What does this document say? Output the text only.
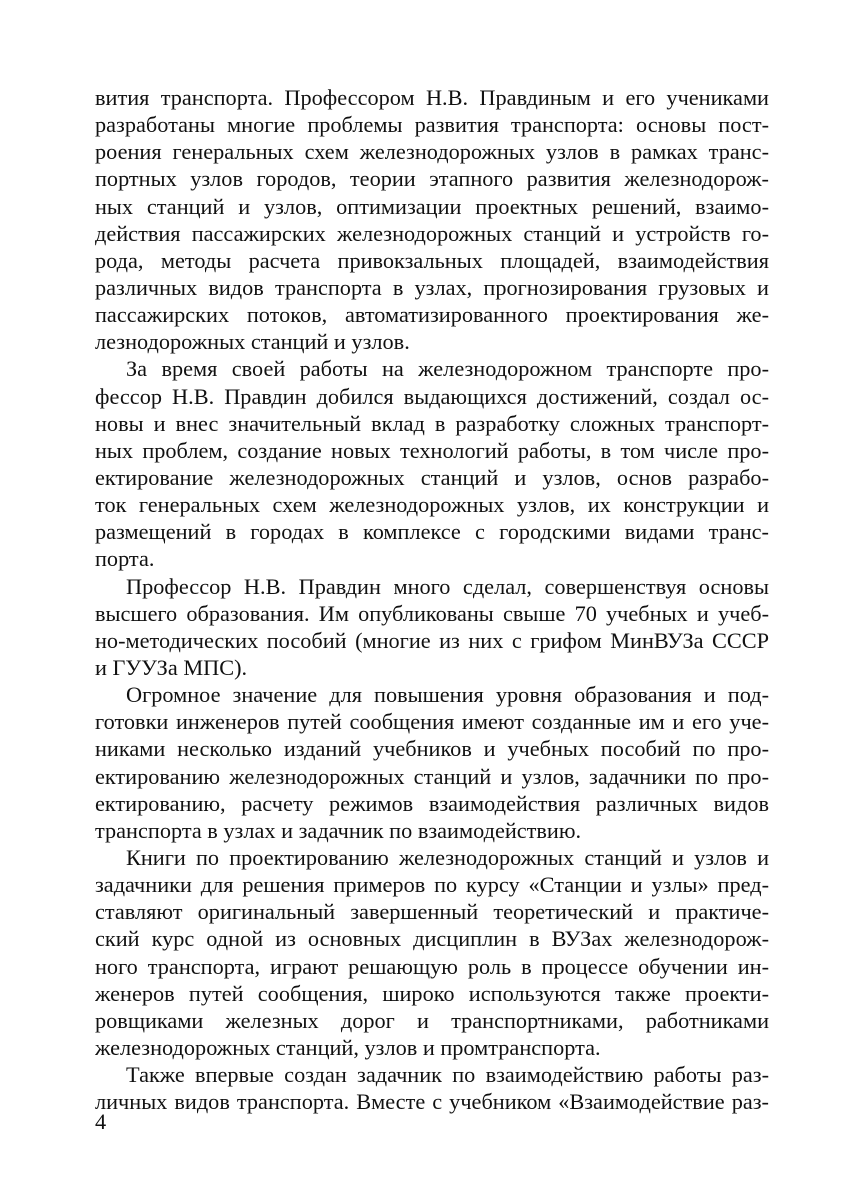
вития транспорта. Профессором Н.В. Правдиным и его учениками
разработаны многие проблемы развития транспорта: основы пост-
роения генеральных схем железнодорожных узлов в рамках транс-
портных узлов городов, теории этапного развития железнодорож-
ных станций и узлов, оптимизации проектных решений, взаимо-
действия пассажирских железнодорожных станций и устройств го-
рода, методы расчета привокзальных площадей, взаимодействия
различных видов транспорта в узлах, прогнозирования грузовых и
пассажирских потоков, автоматизированного проектирования же-
лезнодорожных станций и узлов.
За время своей работы на железнодорожном транспорте про-
фессор Н.В. Правдин добился выдающихся достижений, создал ос-
новы и внес значительный вклад в разработку сложных транспорт-
ных проблем, создание новых технологий работы, в том числе про-
ектирование железнодорожных станций и узлов, основ разрабо-
ток генеральных схем железнодорожных узлов, их конструкции и
размещений в городах в комплексе с городскими видами транс-
порта.
Профессор Н.В. Правдин много сделал, совершенствуя основы
высшего образования. Им опубликованы свыше 70 учебных и учеб-
но-методических пособий (многие из них с грифом МинВУЗа СССР
и ГУУЗа МПС).
Огромное значение для повышения уровня образования и под-
готовки инженеров путей сообщения имеют созданные им и его уче-
никами несколько изданий учебников и учебных пособий по про-
ектированию железнодорожных станций и узлов, задачники по про-
ектированию, расчету режимов взаимодействия различных видов
транспорта в узлах и задачник по взаимодействию.
Книги по проектированию железнодорожных станций и узлов и
задачники для решения примеров по курсу «Станции и узлы» пред-
ставляют оригинальный завершенный теоретический и практиче-
ский курс одной из основных дисциплин в ВУЗах железнодорож-
ного транспорта, играют решающую роль в процессе обучении ин-
женеров путей сообщения, широко используются также проекти-
ровщиками железных дорог и транспортниками, работниками
железнодорожных станций, узлов и промтранспорта.
Также впервые создан задачник по взаимодействию работы раз-
личных видов транспорта. Вместе с учебником «Взаимодействие раз-
4
